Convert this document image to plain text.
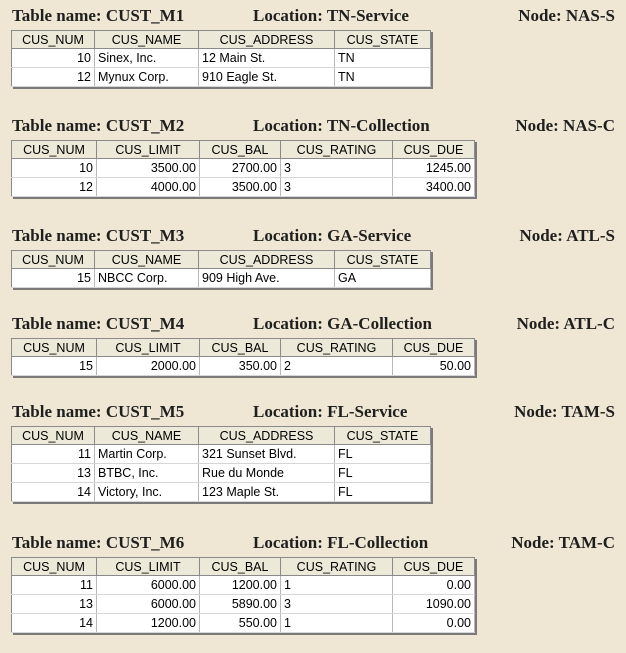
Table name: CUST_M1	Location: TN-Service	Node: NAS-S
CUS_NUM	CUS_NAME	CUS_ADDRESS	CUS_STATE
10	Sinex, Inc.	12 Main St.	TN
12	Mynux Corp.	910 Eagle St.	TN
Table name: CUST_M2	Location: TN-Collection	Node: NAS-C
CUS_NUM	CUS_LIMIT	CUS_BAL	CUS_RATING	CUS_DUE
10	3500.00	2700.00	3	1245.00
12	4000.00	3500.00	3	3400.00
Table name: CUST_M3	Location: GA-Service	Node: ATL-S
CUS_NUM	CUS_NAME	CUS_ADDRESS	CUS_STATE
15	NBCC Corp.	909 High Ave.	GA
Table name: CUST_M4	Location: GA-Collection	Node: ATL-C
CUS_NUM	CUS_LIMIT	CUS_BAL	CUS_RATING	CUS_DUE
15	2000.00	350.00	2	50.00
Table name: CUST_M5	Location: FL-Service	Node: TAM-S
CUS_NUM	CUS_NAME	CUS_ADDRESS	CUS_STATE
11	Martin Corp.	321 Sunset Blvd.	FL
13	BTBC, Inc.	Rue du Monde	FL
14	Victory, Inc.	123 Maple St.	FL
Table name: CUST_M6	Location: FL-Collection	Node: TAM-C
CUS_NUM	CUS_LIMIT	CUS_BAL	CUS_RATING	CUS_DUE
11	6000.00	1200.00	1	0.00
13	6000.00	5890.00	3	1090.00
14	1200.00	550.00	1	0.00
